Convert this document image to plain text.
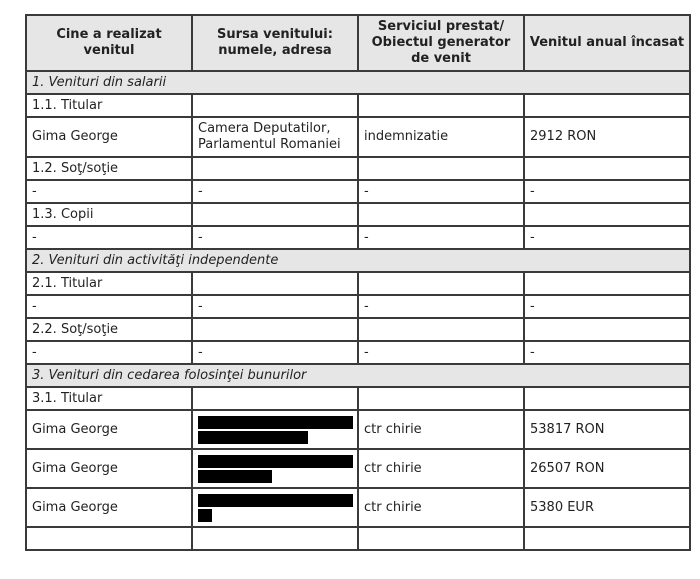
Cine a realizat venitul	Sursa venitului: numele, adresa	Serviciul prestat/ Obiectul generator de venit	Venitul anual încasat
1. Venituri din salarii			
1.1. Titular			
Gima George	Camera Deputatilor, Parlamentul Romaniei	indemnizatie	2912 RON
1.2. Soţ/soţie			
-	-	-	-
1.3. Copii			
-	-	-	-
2. Venituri din activităţi independente			
2.1. Titular			
-	-	-	-
2.2. Soţ/soţie			
-	-	-	-
3. Venituri din cedarea folosinţei bunurilor			
3.1. Titular			
Gima George		ctr chirie	53817 RON
Gima George		ctr chirie	26507 RON
Gima George		ctr chirie	5380 EUR
